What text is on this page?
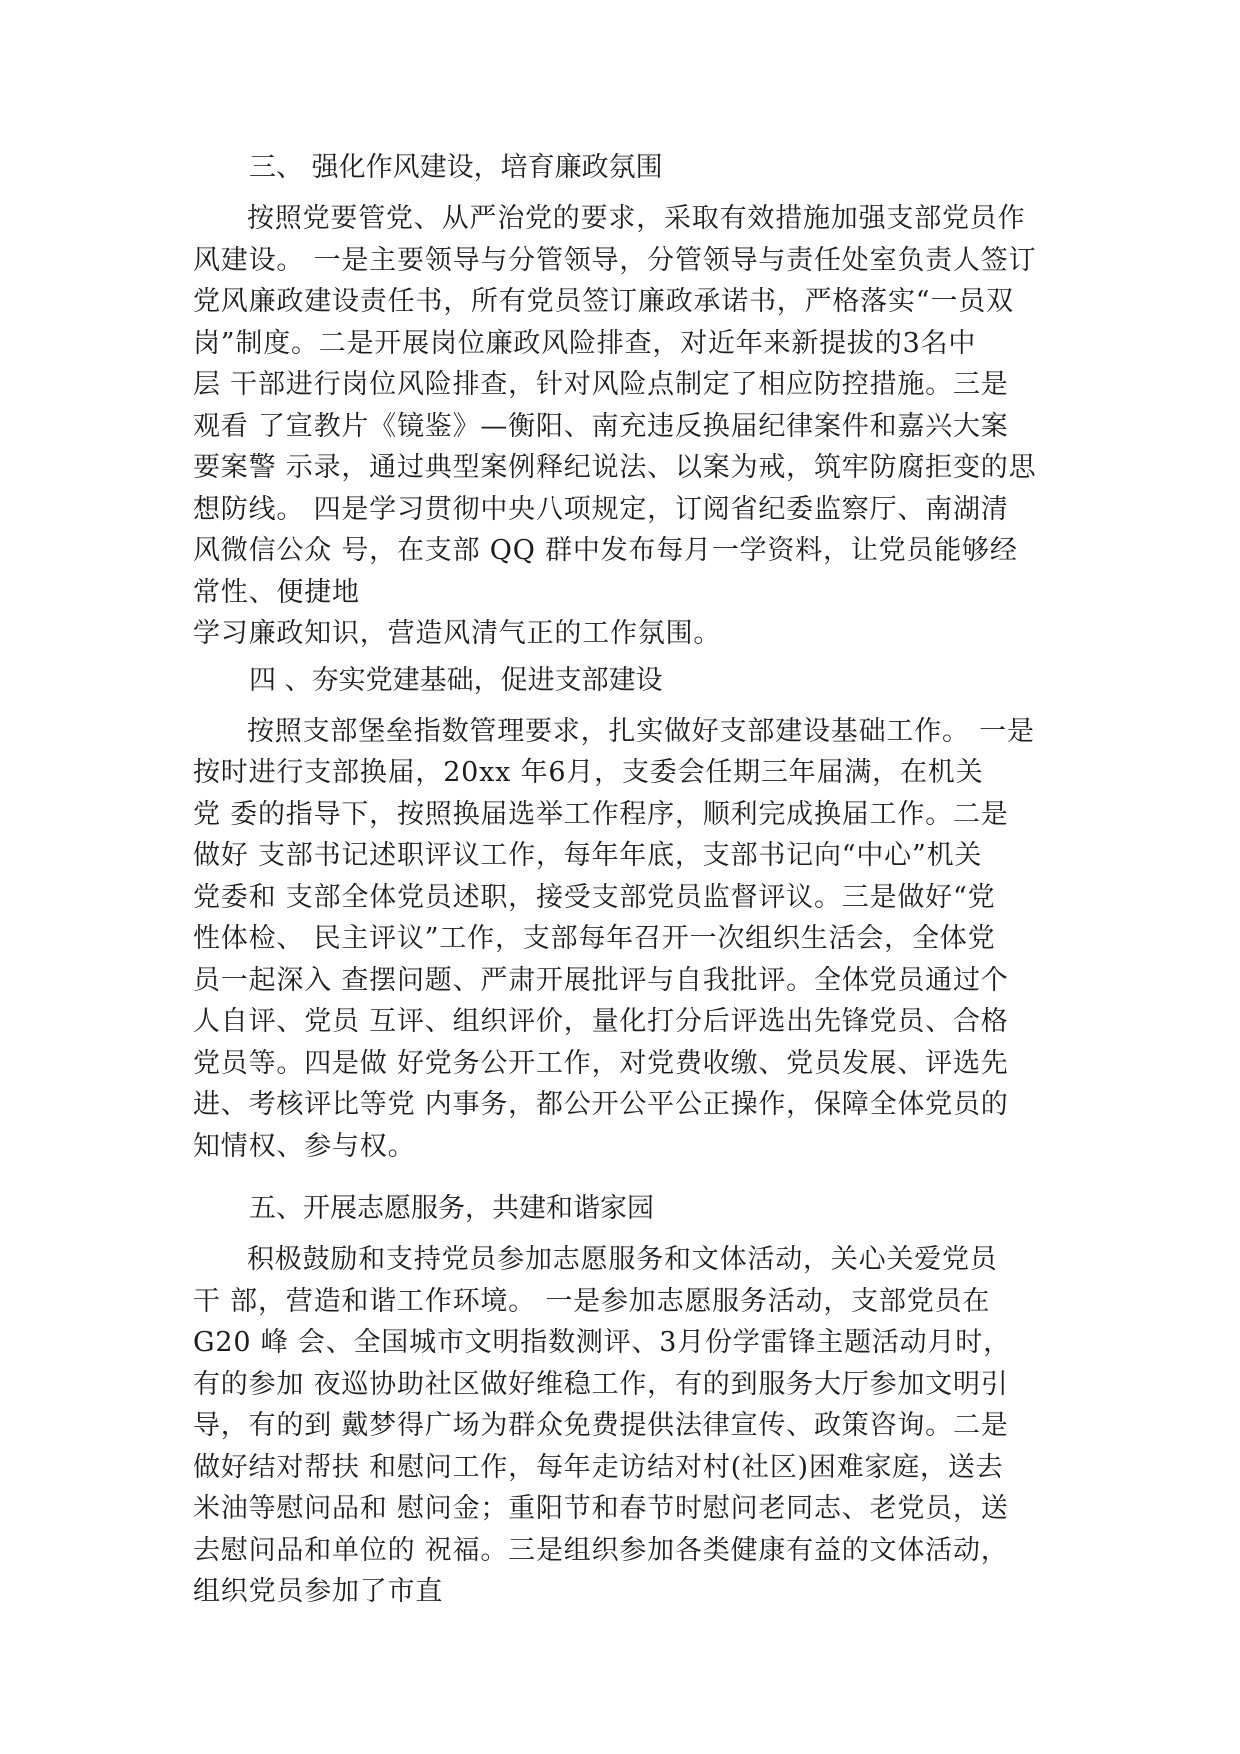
三、 强化作风建设，培育廉政氛围
按照党要管党、从严治党的要求，采取有效措施加强支部党员作
风建设。 一是主要领导与分管领导，分管领导与责任处室负责人签订
党风廉政建设责任书，所有党员签订廉政承诺书，严格落实“一员双
岗”制度。二是开展岗位廉政风险排查，对近年来新提拔的3名中
层 干部进行岗位风险排查，针对风险点制定了相应防控措施。三是
观看 了宣教片《镜鉴》—衡阳、南充违反换届纪律案件和嘉兴大案
要案警 示录，通过典型案例释纪说法、以案为戒，筑牢防腐拒变的思
想防线。 四是学习贯彻中央八项规定，订阅省纪委监察厅、南湖清
风微信公众 号，在支部 QQ 群中发布每月一学资料，让党员能够经
常性、便捷地
学习廉政知识，营造风清气正的工作氛围。
四 、夯实党建基础，促进支部建设
按照支部堡垒指数管理要求，扎实做好支部建设基础工作。 一是
按时进行支部换届，20xx 年6月，支委会任期三年届满，在机关
党 委的指导下，按照换届选举工作程序，顺利完成换届工作。二是
做好 支部书记述职评议工作，每年年底，支部书记向“中心”机关
党委和 支部全体党员述职，接受支部党员监督评议。三是做好“党
性体检、 民主评议”工作，支部每年召开一次组织生活会，全体党
员一起深入 查摆问题、严肃开展批评与自我批评。全体党员通过个
人自评、党员 互评、组织评价，量化打分后评选出先锋党员、合格
党员等。四是做 好党务公开工作，对党费收缴、党员发展、评选先
进、考核评比等党 内事务，都公开公平公正操作，保障全体党员的
知情权、参与权。
五、开展志愿服务，共建和谐家园
积极鼓励和支持党员参加志愿服务和文体活动，关心关爱党员
干 部，营造和谐工作环境。 一是参加志愿服务活动，支部党员在
G20 峰 会、全国城市文明指数测评、3月份学雷锋主题活动月时，
有的参加 夜巡协助社区做好维稳工作，有的到服务大厅参加文明引
导，有的到 戴梦得广场为群众免费提供法律宣传、政策咨询。二是
做好结对帮扶 和慰问工作，每年走访结对村(社区)困难家庭，送去
米油等慰问品和 慰问金；重阳节和春节时慰问老同志、老党员，送
去慰问品和单位的 祝福。三是组织参加各类健康有益的文体活动，
组织党员参加了市直
